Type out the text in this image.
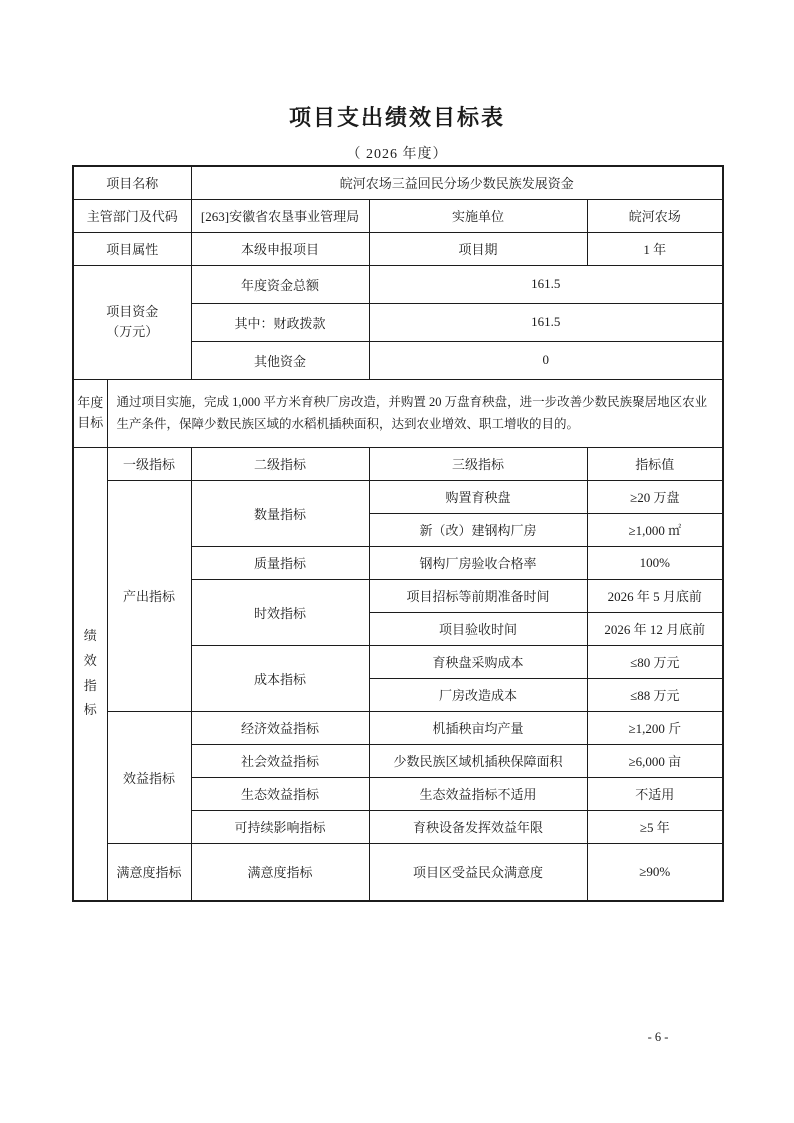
项目支出绩效目标表
（ 2026 年度）
项目名称		皖河农场三益回民分场少数民族发展资金		
主管部门及代码		[263]安徽省农垦事业管理局	实施单位	皖河农场
项目属性		本级申报项目	项目期	1 年
项目资金
（万元）		年度资金总额	161.5	
		其中：财政拨款	161.5	
		其他资金	0	
年度
目标	通过项目实施，完成 1,000 平方米育秧厂房改造，并购置 20 万盘育秧盘，进一步改善少数民族聚居地区农业生产条件，保障少数民族区域的水稻机插秧面积，达到农业增效、职工增收的目的。			
绩效指标	一级指标	二级指标	三级指标	指标值
	产出指标	数量指标	购置育秧盘	≥20 万盘
			新（改）建钢构厂房	≥1,000 ㎡
		质量指标	钢构厂房验收合格率	100%
		时效指标	项目招标等前期准备时间	2026 年 5 月底前
			项目验收时间	2026 年 12 月底前
		成本指标	育秧盘采购成本	≤80 万元
			厂房改造成本	≤88 万元
	效益指标	经济效益指标	机插秧亩均产量	≥1,200 斤
		社会效益指标	少数民族区域机插秧保障面积	≥6,000 亩
		生态效益指标	生态效益指标不适用	不适用
		可持续影响指标	育秧设备发挥效益年限	≥5 年
	满意度指标	满意度指标	项目区受益民众满意度	≥90%
- 6 -
